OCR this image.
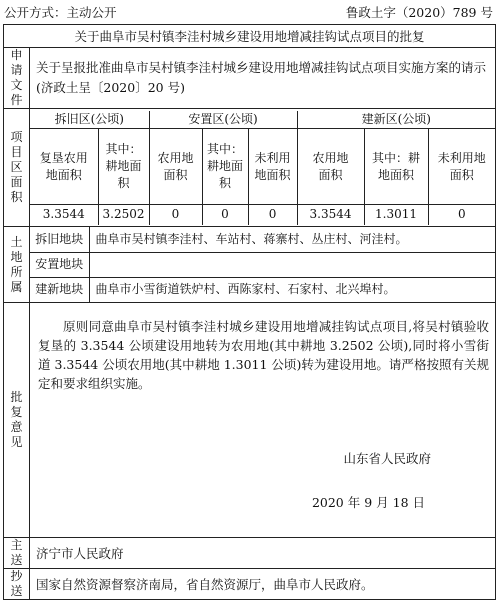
公开方式：主动公开	鲁政土字（2020）789 号
关于曲阜市吴村镇李洼村城乡建设用地增减挂钩试点项目的批复

申请文件
	关于呈报批准曲阜市吴村镇李洼村城乡建设用地增减挂钩试点项目实施方案的请示(济政土呈〔2020〕20 号)

项目区面积

拆旧区(公顷)	安置区(公顷)	建新区(公顷)
复垦农用地面积	其中：耕地面积	农用地面积	其中：耕地面积	未利用地面积	农用地面积	其中：耕地面积	未利用地面积
3.3544	3.2502	0	0	0	3.3544	1.3011	0

土地所属

拆旧地块	曲阜市吴村镇李洼村、车站村、蒋寨村、丛庄村、河洼村。
安置地块	
建新地块	曲阜市小雪街道铁炉村、西陈家村、石家村、北兴埠村。

批复意见

原则同意曲阜市吴村镇李洼村城乡建设用地增减挂钩试点项目,将吴村镇验收复垦的 3.3544 公顷建设用地转为农用地(其中耕地 3.2502 公顷),同时将小雪街道 3.3544 公顷农用地(其中耕地 1.3011 公顷)转为建设用地。请严格按照有关规定和要求组织实施。

山东省人民政府
2020 年 9 月 18 日

主送	济宁市人民政府

抄送	国家自然资源督察济南局，省自然资源厅，曲阜市人民政府。
